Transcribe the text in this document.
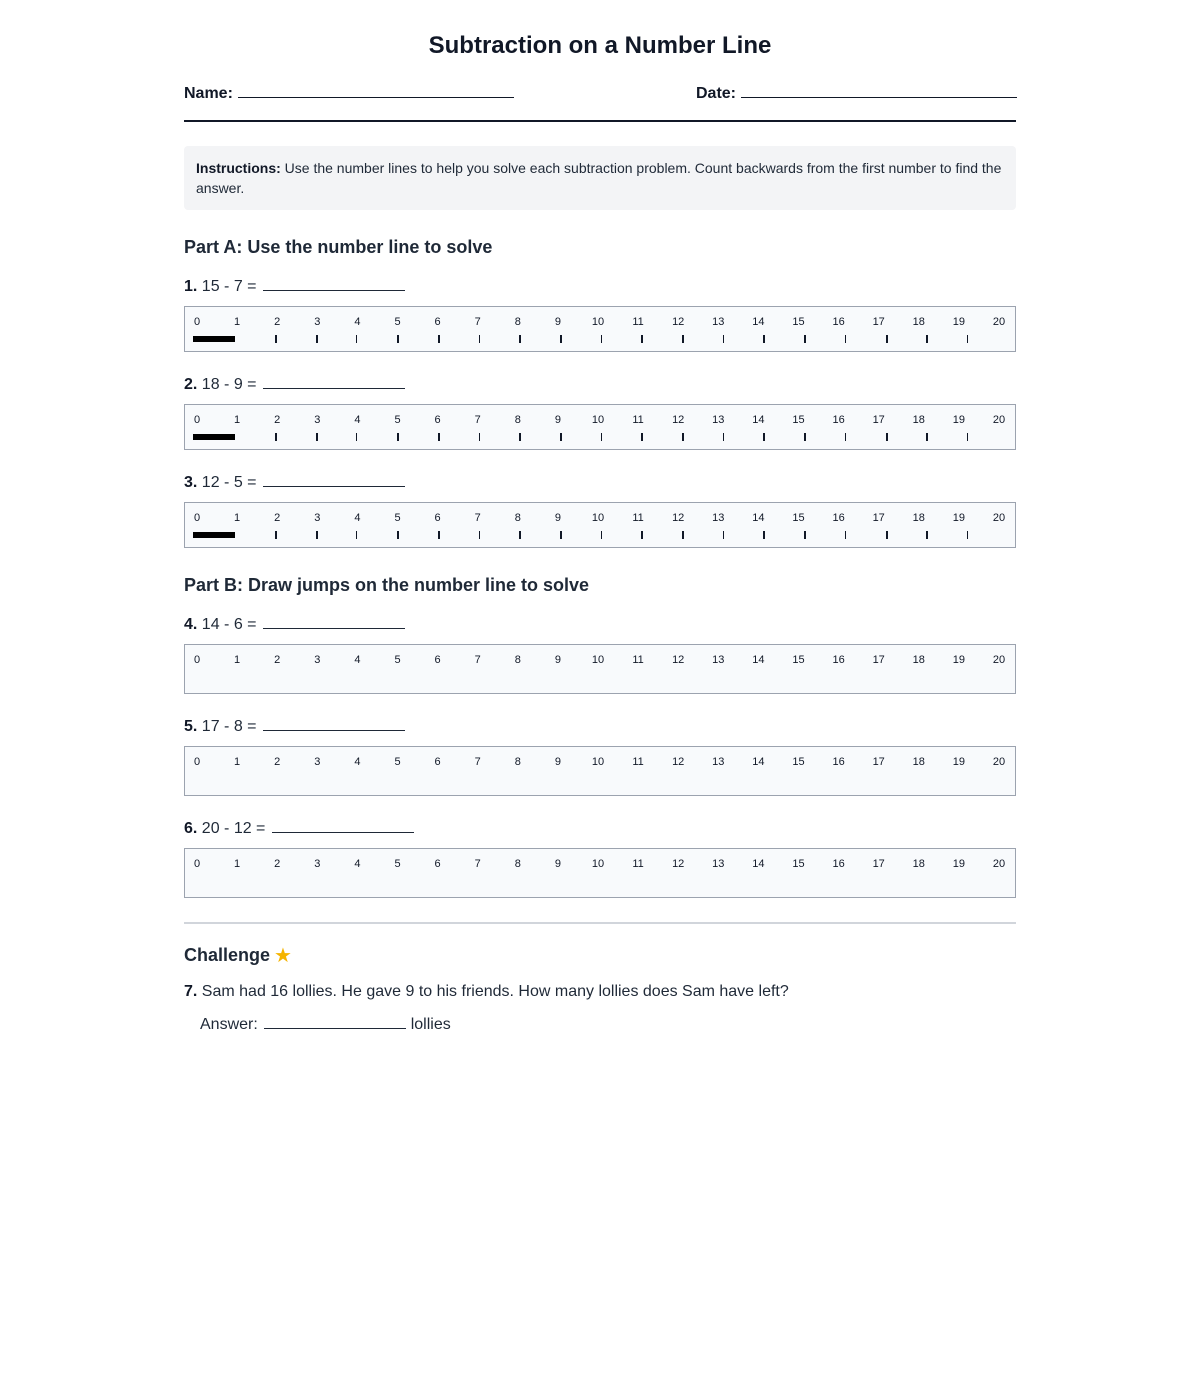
Subtraction on a Number Line
Name:	Date:
Instructions: Use the number lines to help you solve each subtraction problem. Count backwards from the first number to find the answer.
Part A: Use the number line to solve
1. 15 - 7 =
0	1	2	3	4	5	6	7	8	9	10	11	12	13	14	15	16	17	18	19	20
2. 18 - 9 =
0	1	2	3	4	5	6	7	8	9	10	11	12	13	14	15	16	17	18	19	20
3. 12 - 5 =
0	1	2	3	4	5	6	7	8	9	10	11	12	13	14	15	16	17	18	19	20
Part B: Draw jumps on the number line to solve
4. 14 - 6 =
0	1	2	3	4	5	6	7	8	9	10	11	12	13	14	15	16	17	18	19	20
5. 17 - 8 =
0	1	2	3	4	5	6	7	8	9	10	11	12	13	14	15	16	17	18	19	20
6. 20 - 12 =
0	1	2	3	4	5	6	7	8	9	10	11	12	13	14	15	16	17	18	19	20
Challenge ★
7. Sam had 16 lollies. He gave 9 to his friends. How many lollies does Sam have left?
Answer:	lollies
